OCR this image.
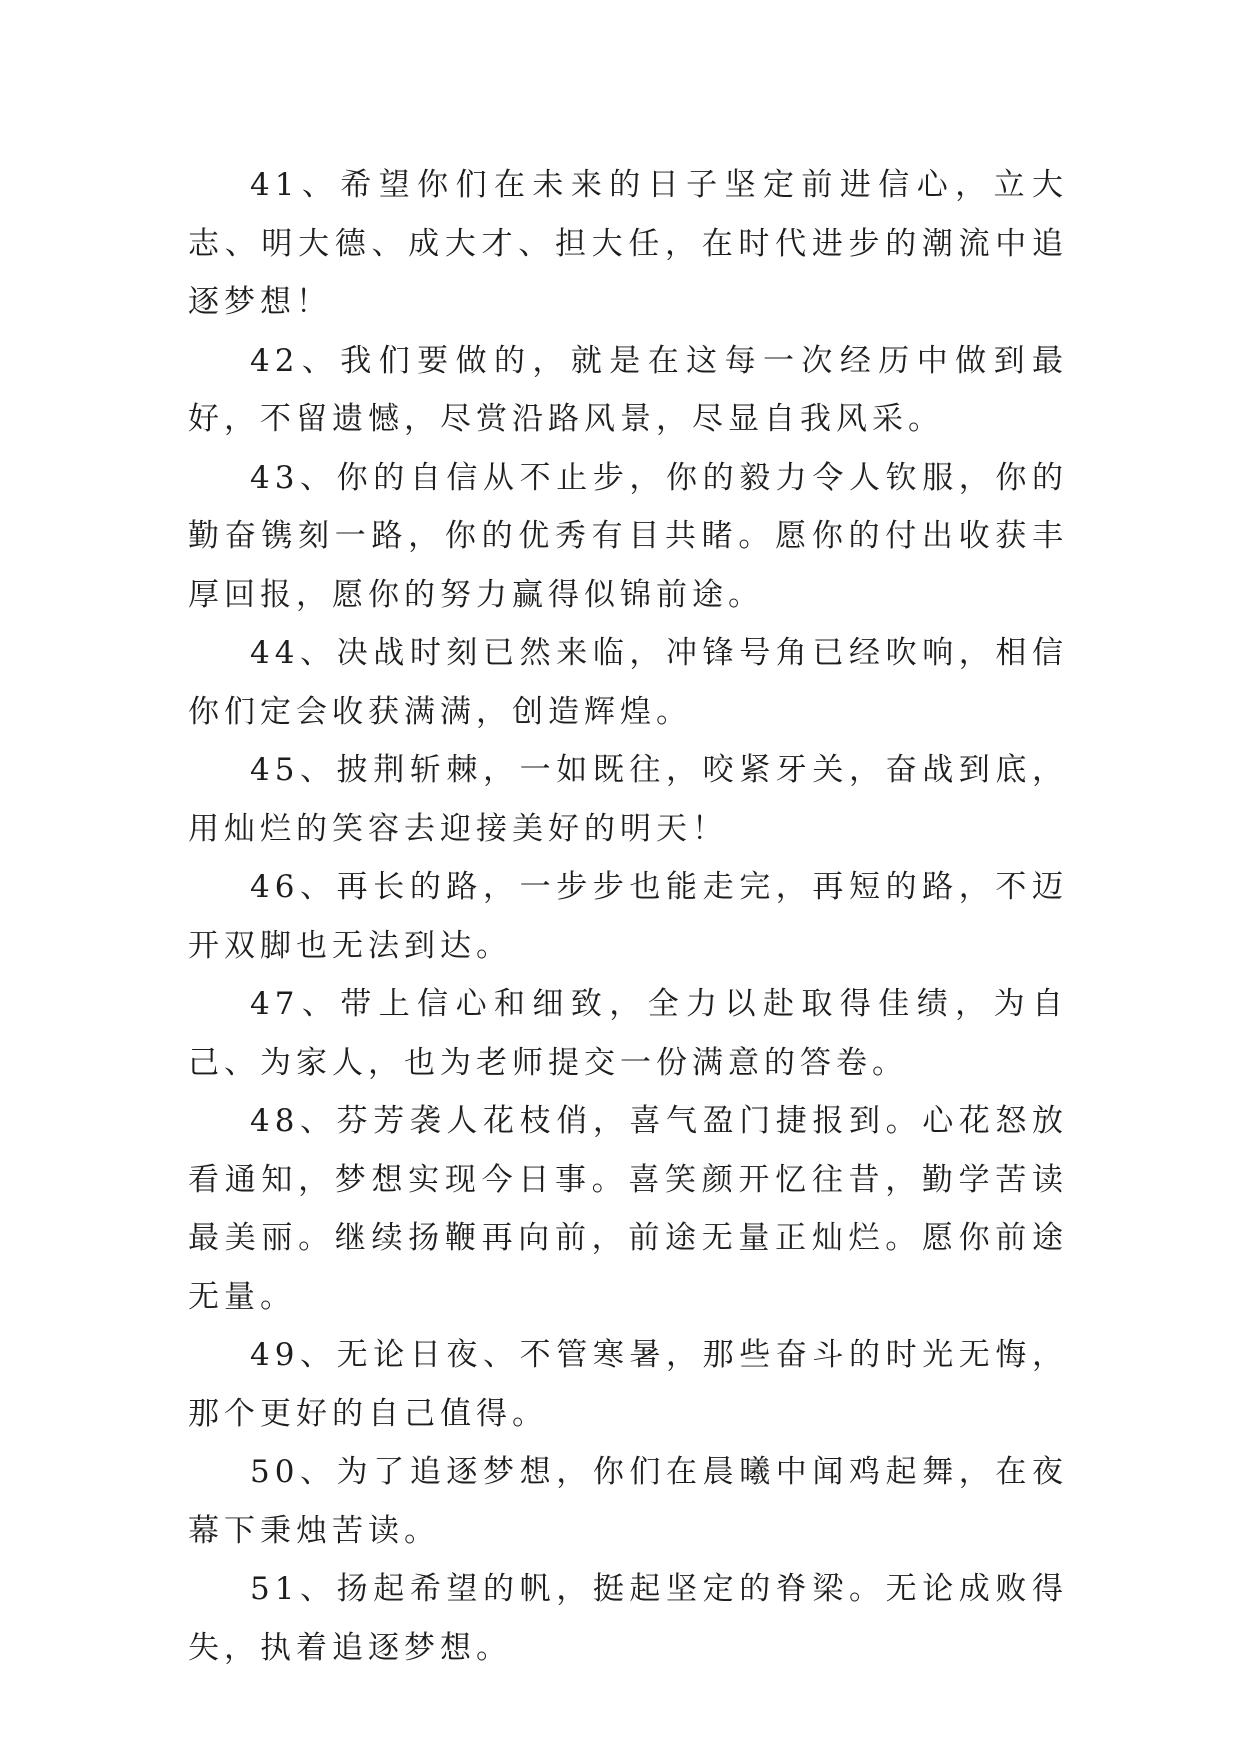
41、希望你们在未来的日子坚定前进信心，立大志、明大德、成大才、担大任，在时代进步的潮流中追逐梦想！

42、我们要做的，就是在这每一次经历中做到最好，不留遗憾，尽赏沿路风景，尽显自我风采。

43、你的自信从不止步，你的毅力令人钦服，你的勤奋镌刻一路，你的优秀有目共睹。愿你的付出收获丰厚回报，愿你的努力赢得似锦前途。

44、决战时刻已然来临，冲锋号角已经吹响，相信你们定会收获满满，创造辉煌。

45、披荆斩棘，一如既往，咬紧牙关，奋战到底，用灿烂的笑容去迎接美好的明天！

46、再长的路，一步步也能走完，再短的路，不迈开双脚也无法到达。

47、带上信心和细致，全力以赴取得佳绩，为自己、为家人，也为老师提交一份满意的答卷。

48、芬芳袭人花枝俏，喜气盈门捷报到。心花怒放看通知，梦想实现今日事。喜笑颜开忆往昔，勤学苦读最美丽。继续扬鞭再向前，前途无量正灿烂。愿你前途无量。

49、无论日夜、不管寒暑，那些奋斗的时光无悔，那个更好的自己值得。

50、为了追逐梦想，你们在晨曦中闻鸡起舞，在夜幕下秉烛苦读。

51、扬起希望的帆，挺起坚定的脊梁。无论成败得失，执着追逐梦想。
